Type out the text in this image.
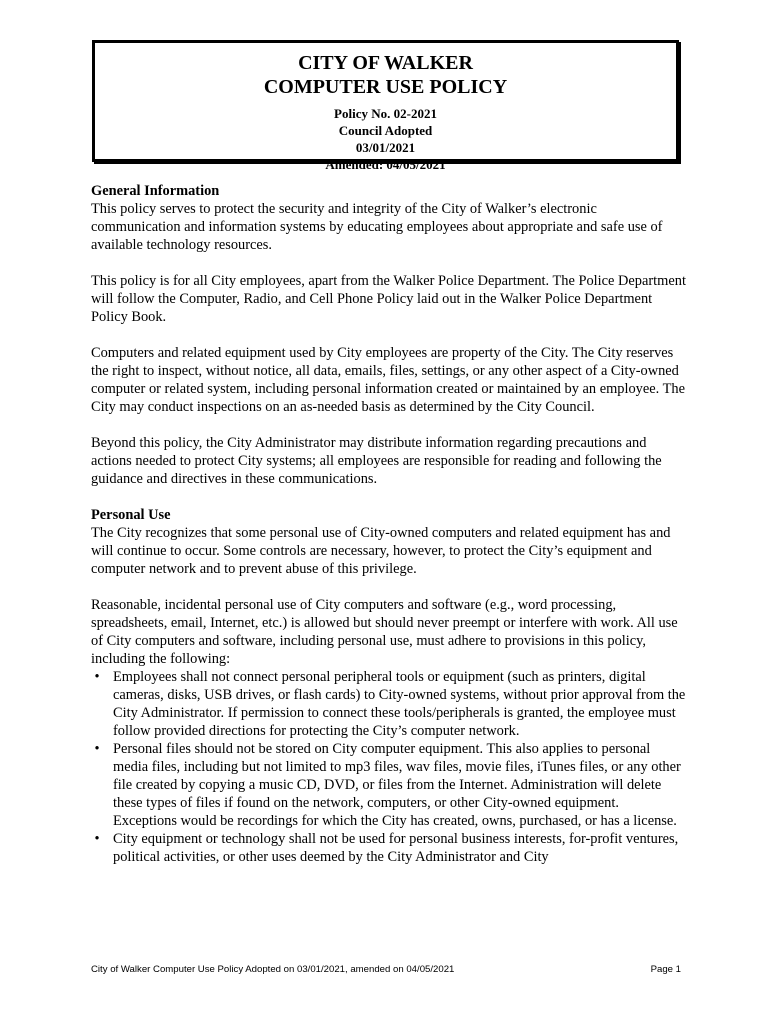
CITY OF WALKER

COMPUTER USE POLICY

Policy No. 02-2021

Council Adopted

03/01/2021

Amended: 04/05/2021

General Information

This policy serves to protect the security and integrity of the City of Walker’s electronic communication and information systems by educating employees about appropriate and safe use of available technology resources.

This policy is for all City employees, apart from the Walker Police Department. The Police Department will follow the Computer, Radio, and Cell Phone Policy laid out in the Walker Police Department Policy Book.

Computers and related equipment used by City employees are property of the City. The City reserves the right to inspect, without notice, all data, emails, files, settings, or any other aspect of a City-owned computer or related system, including personal information created or maintained by an employee. The City may conduct inspections on an as-needed basis as determined by the City Council.

Beyond this policy, the City Administrator may distribute information regarding precautions and actions needed to protect City systems; all employees are responsible for reading and following the guidance and directives in these communications.

Personal Use

The City recognizes that some personal use of City-owned computers and related equipment has and will continue to occur. Some controls are necessary, however, to protect the City’s equipment and computer network and to prevent abuse of this privilege.

Reasonable, incidental personal use of City computers and software (e.g., word processing, spreadsheets, email, Internet, etc.) is allowed but should never preempt or interfere with work. All use of City computers and software, including personal use, must adhere to provisions in this policy, including the following:

• Employees shall not connect personal peripheral tools or equipment (such as printers, digital cameras, disks, USB drives, or flash cards) to City-owned systems, without prior approval from the City Administrator. If permission to connect these tools/peripherals is granted, the employee must follow provided directions for protecting the City’s computer network.
• Personal files should not be stored on City computer equipment. This also applies to personal media files, including but not limited to mp3 files, wav files, movie files, iTunes files, or any other file created by copying a music CD, DVD, or files from the Internet. Administration will delete these types of files if found on the network, computers, or other City-owned equipment. Exceptions would be recordings for which the City has created, owns, purchased, or has a license.
• City equipment or technology shall not be used for personal business interests, for-profit ventures, political activities, or other uses deemed by the City Administrator and City
City of Walker Computer Use Policy Adopted on 03/01/2021, amended on 04/05/2021	Page 1
